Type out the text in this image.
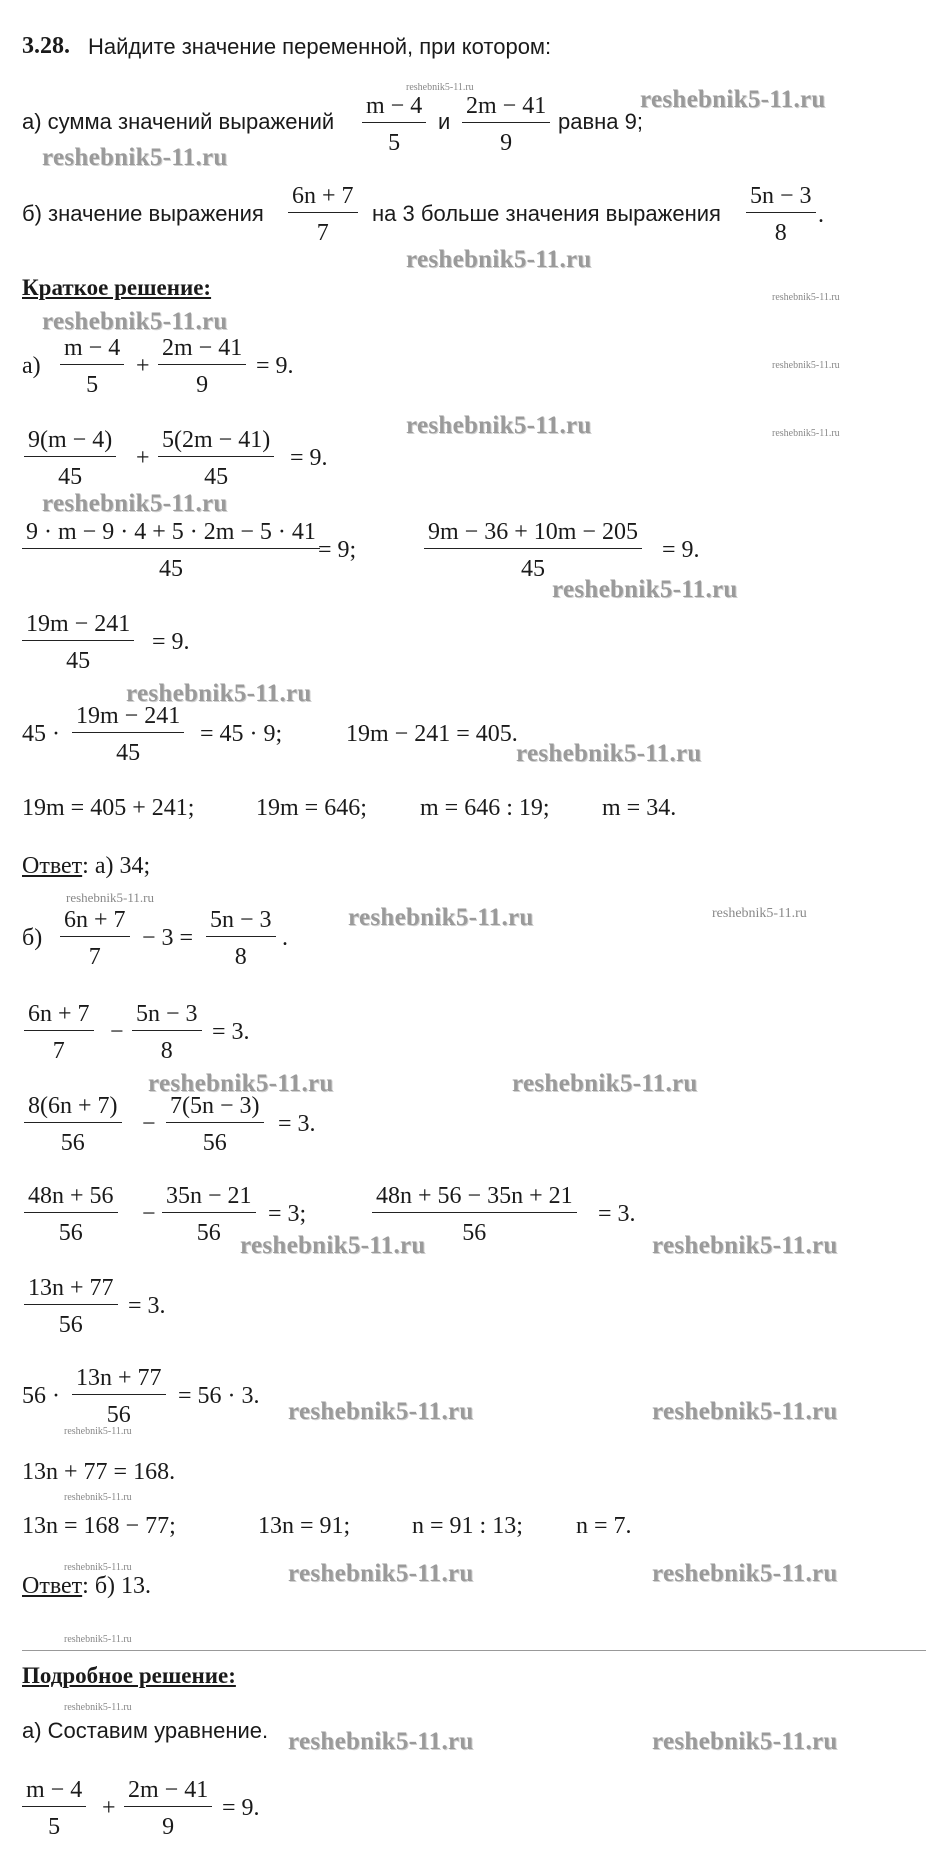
3.28. Найдите значение переменной, при котором:
а) сумма значений выражений
m − 4
5
и
2m − 41
9
равна 9;
б) значение выражения
6n + 7
7
на 3 больше значения выражения
5n − 3
8
.
Краткое решение:
а)
m − 4
5
+
2m − 41
9
= 9.
9(m − 4)
45
+
5(2m − 41)
45
= 9.
9 · m − 9 · 4 + 5 · 2m − 5 · 41
45
= 9;
9m − 36 + 10m − 205
45
= 9.
19m − 241
45
= 9.
45 ·
19m − 241
45
= 45 · 9;	19m − 241 = 405.
19m = 405 + 241;	19m = 646; m = 646 : 19; m = 34.
Ответ: а) 34;
б)
6n + 7
7
− 3 =
5n − 3
8
.
6n + 7
7
−
5n − 3
8
= 3.
8(6n + 7)
56
−
7(5n − 3)
56
= 3.
48n + 56
56
−
35n − 21
56
= 3;
48n + 56 − 35n + 21
56
= 3.
13n + 77
56
= 3.
56 ·
13n + 77
56
= 56 · 3.
13n + 77 = 168.
13n = 168 − 77;	13n = 91;	n = 91 : 13; n = 7.
Ответ: б) 13.
Подробное решение:
а) Составим уравнение.
m − 4
5
+
2m − 41
9
= 9.
reshebnik5-11.ru
reshebnik5-11.ru
reshebnik5-11.ru
reshebnik5-11.ru
reshebnik5-11.ru
reshebnik5-11.ru
reshebnik5-11.ru
reshebnik5-11.ru
reshebnik5-11.ru
reshebnik5-11.ru
reshebnik5-11.ru	reshebnik5-11.ru
reshebnik5-11.ru	reshebnik5-11.ru
reshebnik5-11.ru	reshebnik5-11.ru
reshebnik5-11.ru	reshebnik5-11.ru
reshebnik5-11.ru	reshebnik5-11.ru
reshebnik5-11.ru
reshebnik5-11.ru
reshebnik5-11.ru
reshebnik5-11.ru
reshebnik5-11.ru
reshebnik5-11.ru
reshebnik5-11.ru
reshebnik5-11.ru
reshebnik5-11.ru
reshebnik5-11.ru
reshebnik5-11.ru
